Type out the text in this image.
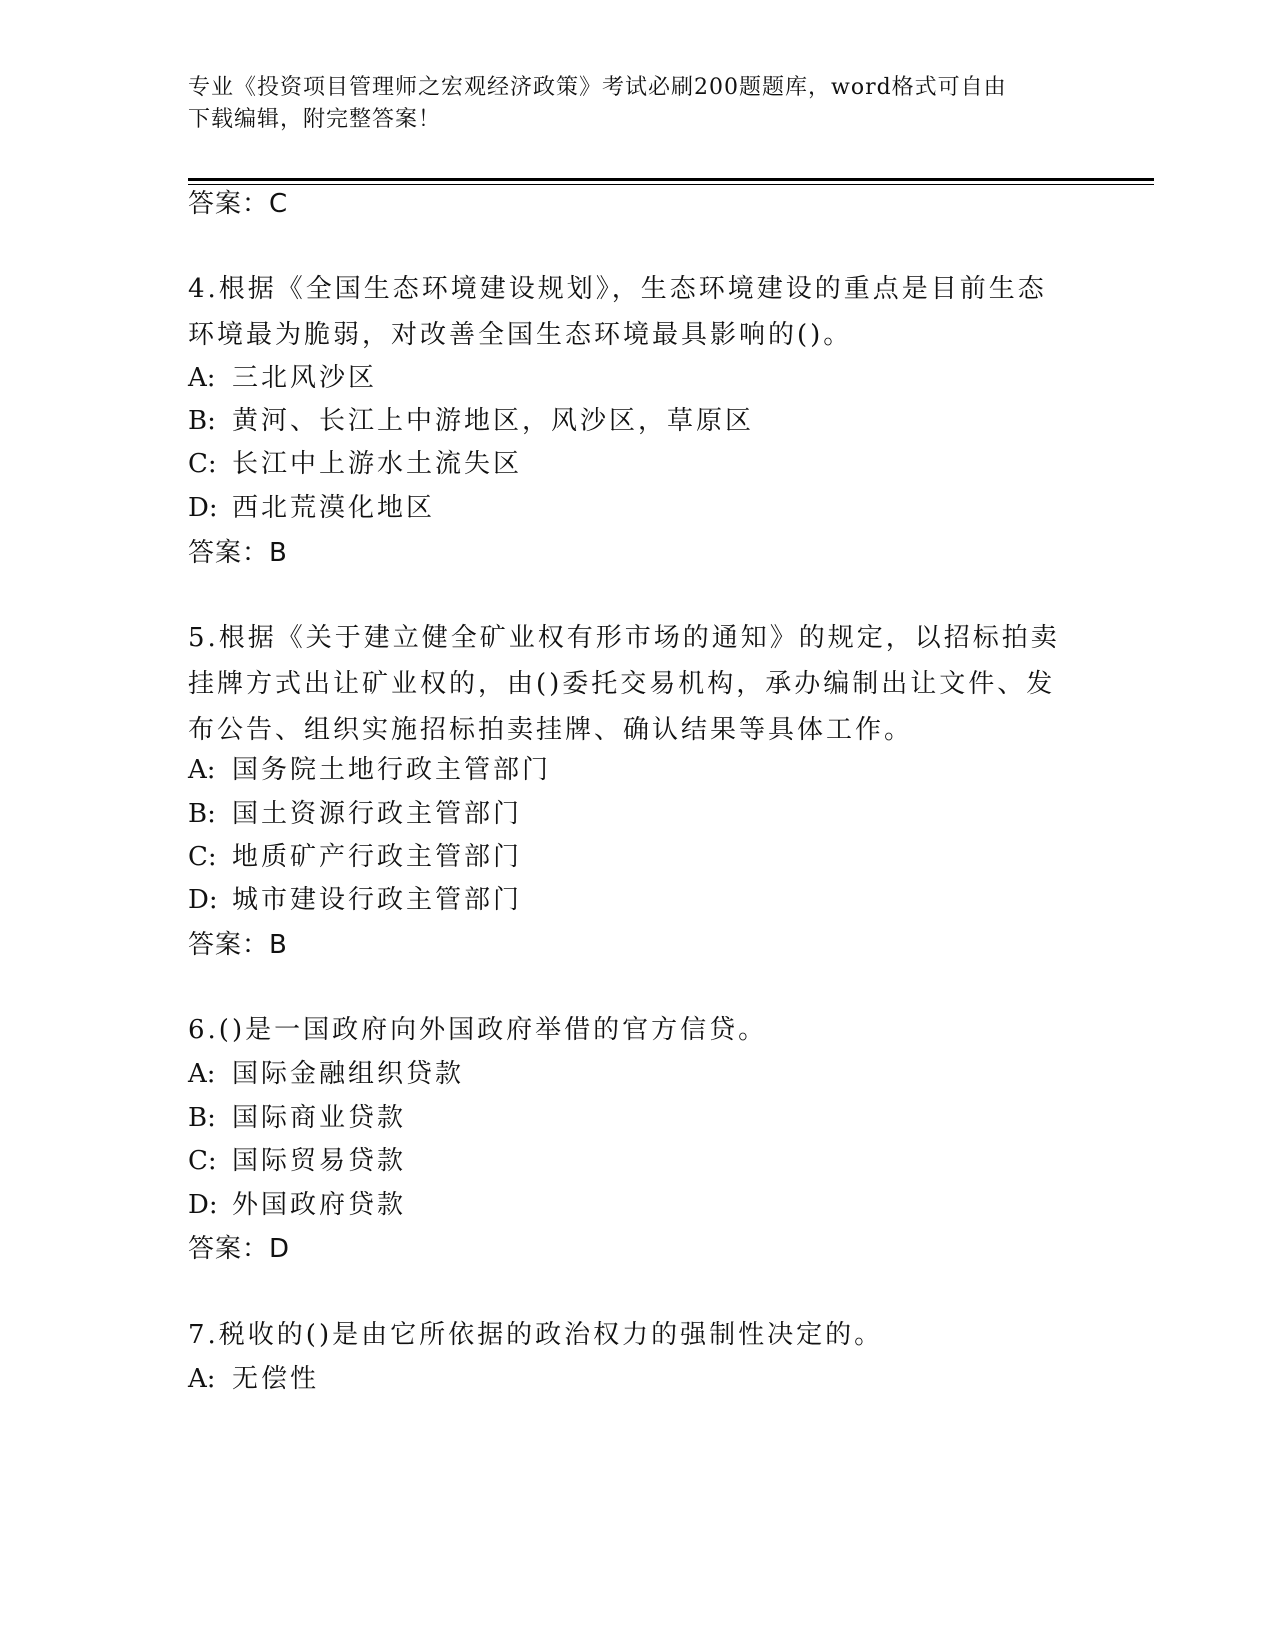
专业《投资项目管理师之宏观经济政策》考试必刷200题题库，word格式可自由
下载编辑，附完整答案！
答案：C
4.根据《全国生态环境建设规划》，生态环境建设的重点是目前生态
环境最为脆弱，对改善全国生态环境最具影响的()。
A: 三北风沙区
B: 黄河、长江上中游地区，风沙区，草原区
C: 长江中上游水土流失区
D: 西北荒漠化地区
答案：B
5.根据《关于建立健全矿业权有形市场的通知》的规定，以招标拍卖
挂牌方式出让矿业权的，由()委托交易机构，承办编制出让文件、发
布公告、组织实施招标拍卖挂牌、确认结果等具体工作。
A: 国务院土地行政主管部门
B: 国土资源行政主管部门
C: 地质矿产行政主管部门
D: 城市建设行政主管部门
答案：B
6.()是一国政府向外国政府举借的官方信贷。
A: 国际金融组织贷款
B: 国际商业贷款
C: 国际贸易贷款
D: 外国政府贷款
答案：D
7.税收的()是由它所依据的政治权力的强制性决定的。
A: 无偿性
